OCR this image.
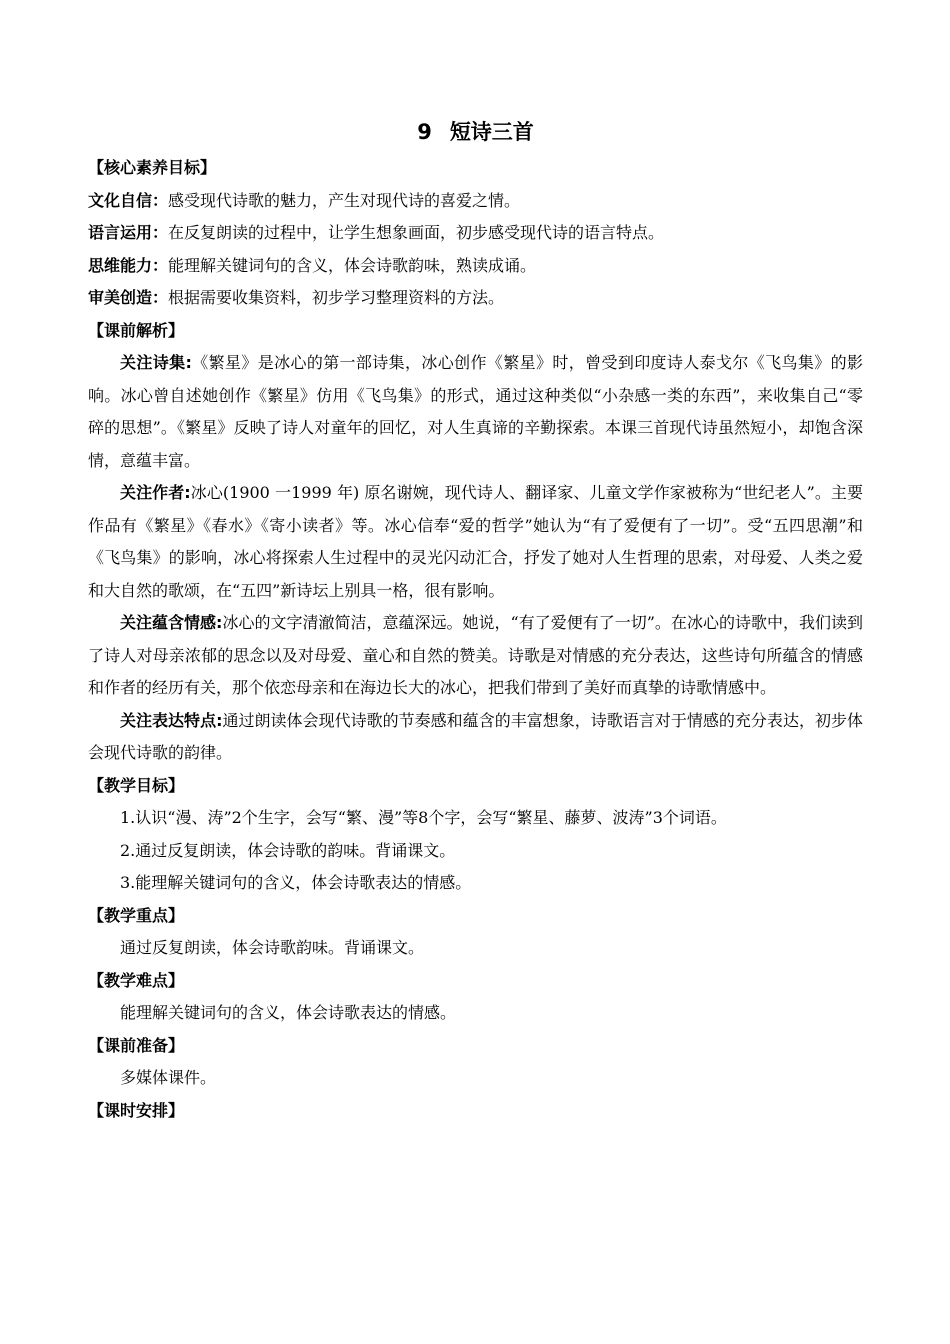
9 短诗三首
【核心素养目标】
文化自信：感受现代诗歌的魅力，产生对现代诗的喜爱之情。
语言运用：在反复朗读的过程中，让学生想象画面，初步感受现代诗的语言特点。
思维能力：能理解关键词句的含义，体会诗歌韵味，熟读成诵。
审美创造：根据需要收集资料，初步学习整理资料的方法。
【课前解析】
关注诗集:《繁星》是冰心的第一部诗集，冰心创作《繁星》时，曾受到印度诗人泰戈尔《飞鸟集》的影响。冰心曾自述她创作《繁星》仿用《飞鸟集》的形式，通过这种类似“小杂感一类的东西”，来收集自己“零碎的思想”。《繁星》反映了诗人对童年的回忆，对人生真谛的辛勤探索。本课三首现代诗虽然短小，却饱含深情，意蕴丰富。
关注作者:冰心(1900 一1999 年) 原名谢婉，现代诗人、翻译家、儿童文学作家被称为“世纪老人”。主要作品有《繁星》《春水》《寄小读者》等。冰心信奉“爱的哲学”她认为“有了爱便有了一切”。受“五四思潮”和《飞鸟集》的影响，冰心将探索人生过程中的灵光闪动汇合，抒发了她对人生哲理的思索，对母爱、人类之爱和大自然的歌颂，在“五四”新诗坛上别具一格，很有影响。
关注蕴含情感:冰心的文字清澈简洁，意蕴深远。她说，“有了爱便有了一切”。在冰心的诗歌中，我们读到了诗人对母亲浓郁的思念以及对母爱、童心和自然的赞美。诗歌是对情感的充分表达，这些诗句所蕴含的情感和作者的经历有关，那个依恋母亲和在海边长大的冰心，把我们带到了美好而真挚的诗歌情感中。
关注表达特点:通过朗读体会现代诗歌的节奏感和蕴含的丰富想象，诗歌语言对于情感的充分表达，初步体会现代诗歌的韵律。
【教学目标】
1.认识“漫、涛”2个生字，会写“繁、漫”等8个字，会写“繁星、藤萝、波涛”3个词语。
2.通过反复朗读，体会诗歌的韵味。背诵课文。
3.能理解关键词句的含义，体会诗歌表达的情感。
【教学重点】
通过反复朗读，体会诗歌韵味。背诵课文。
【教学难点】
能理解关键词句的含义，体会诗歌表达的情感。
【课前准备】
多媒体课件。
【课时安排】
